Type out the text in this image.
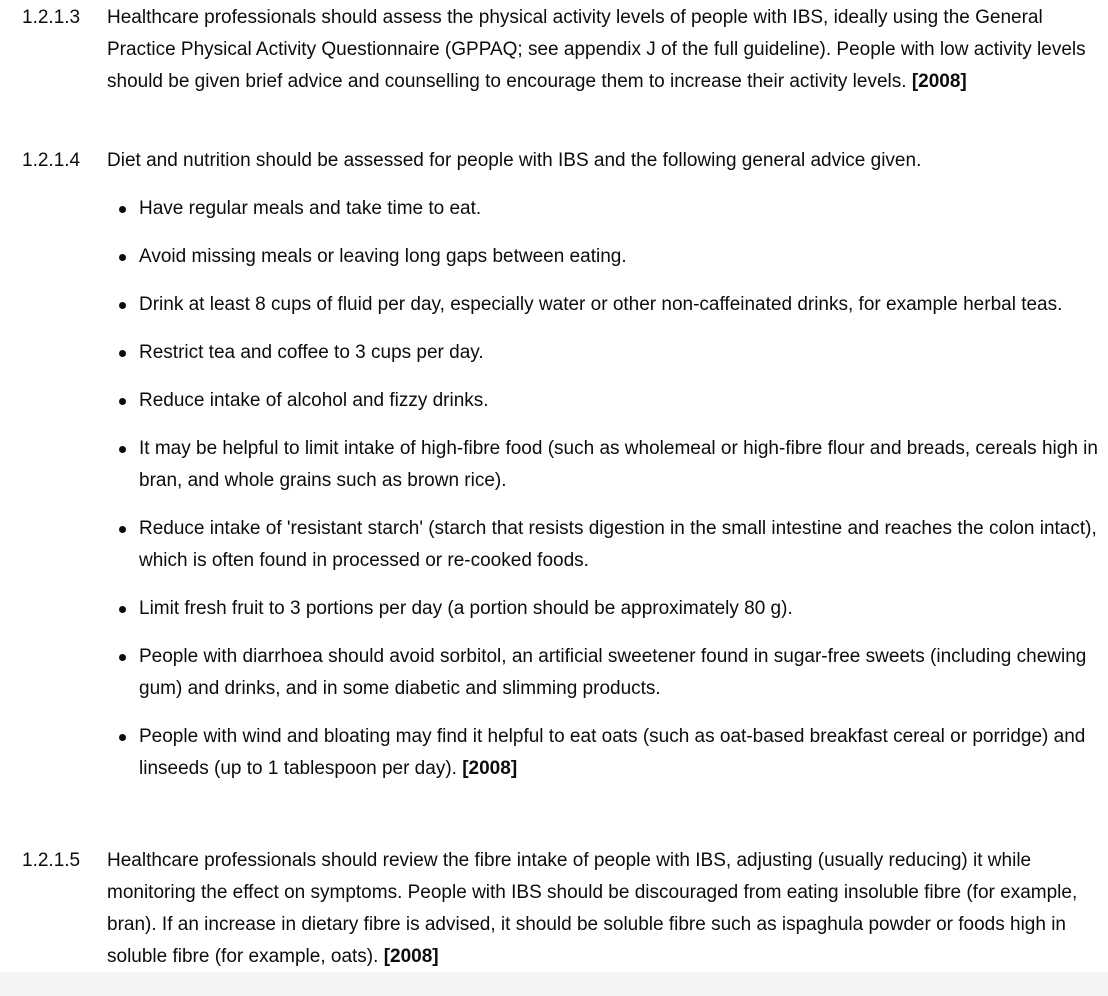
1.2.1.3	Healthcare professionals should assess the physical activity levels of people with IBS, ideally using the General Practice Physical Activity Questionnaire (GPPAQ; see appendix J of the full guideline). People with low activity levels should be given brief advice and counselling to encourage them to increase their activity levels. [2008]

1.2.1.4	Diet and nutrition should be assessed for people with IBS and the following general advice given.

Have regular meals and take time to eat.
Avoid missing meals or leaving long gaps between eating.
Drink at least 8 cups of fluid per day, especially water or other non-caffeinated drinks, for example herbal teas.
Restrict tea and coffee to 3 cups per day.
Reduce intake of alcohol and fizzy drinks.
It may be helpful to limit intake of high-fibre food (such as wholemeal or high-fibre flour and breads, cereals high in bran, and whole grains such as brown rice).
Reduce intake of 'resistant starch' (starch that resists digestion in the small intestine and reaches the colon intact), which is often found in processed or re-cooked foods.
Limit fresh fruit to 3 portions per day (a portion should be approximately 80 g).
People with diarrhoea should avoid sorbitol, an artificial sweetener found in sugar-free sweets (including chewing gum) and drinks, and in some diabetic and slimming products.
People with wind and bloating may find it helpful to eat oats (such as oat-based breakfast cereal or porridge) and linseeds (up to 1 tablespoon per day). [2008]
1.2.1.5	Healthcare professionals should review the fibre intake of people with IBS, adjusting (usually reducing) it while monitoring the effect on symptoms. People with IBS should be discouraged from eating insoluble fibre (for example, bran). If an increase in dietary fibre is advised, it should be soluble fibre such as ispaghula powder or foods high in soluble fibre (for example, oats). [2008]
